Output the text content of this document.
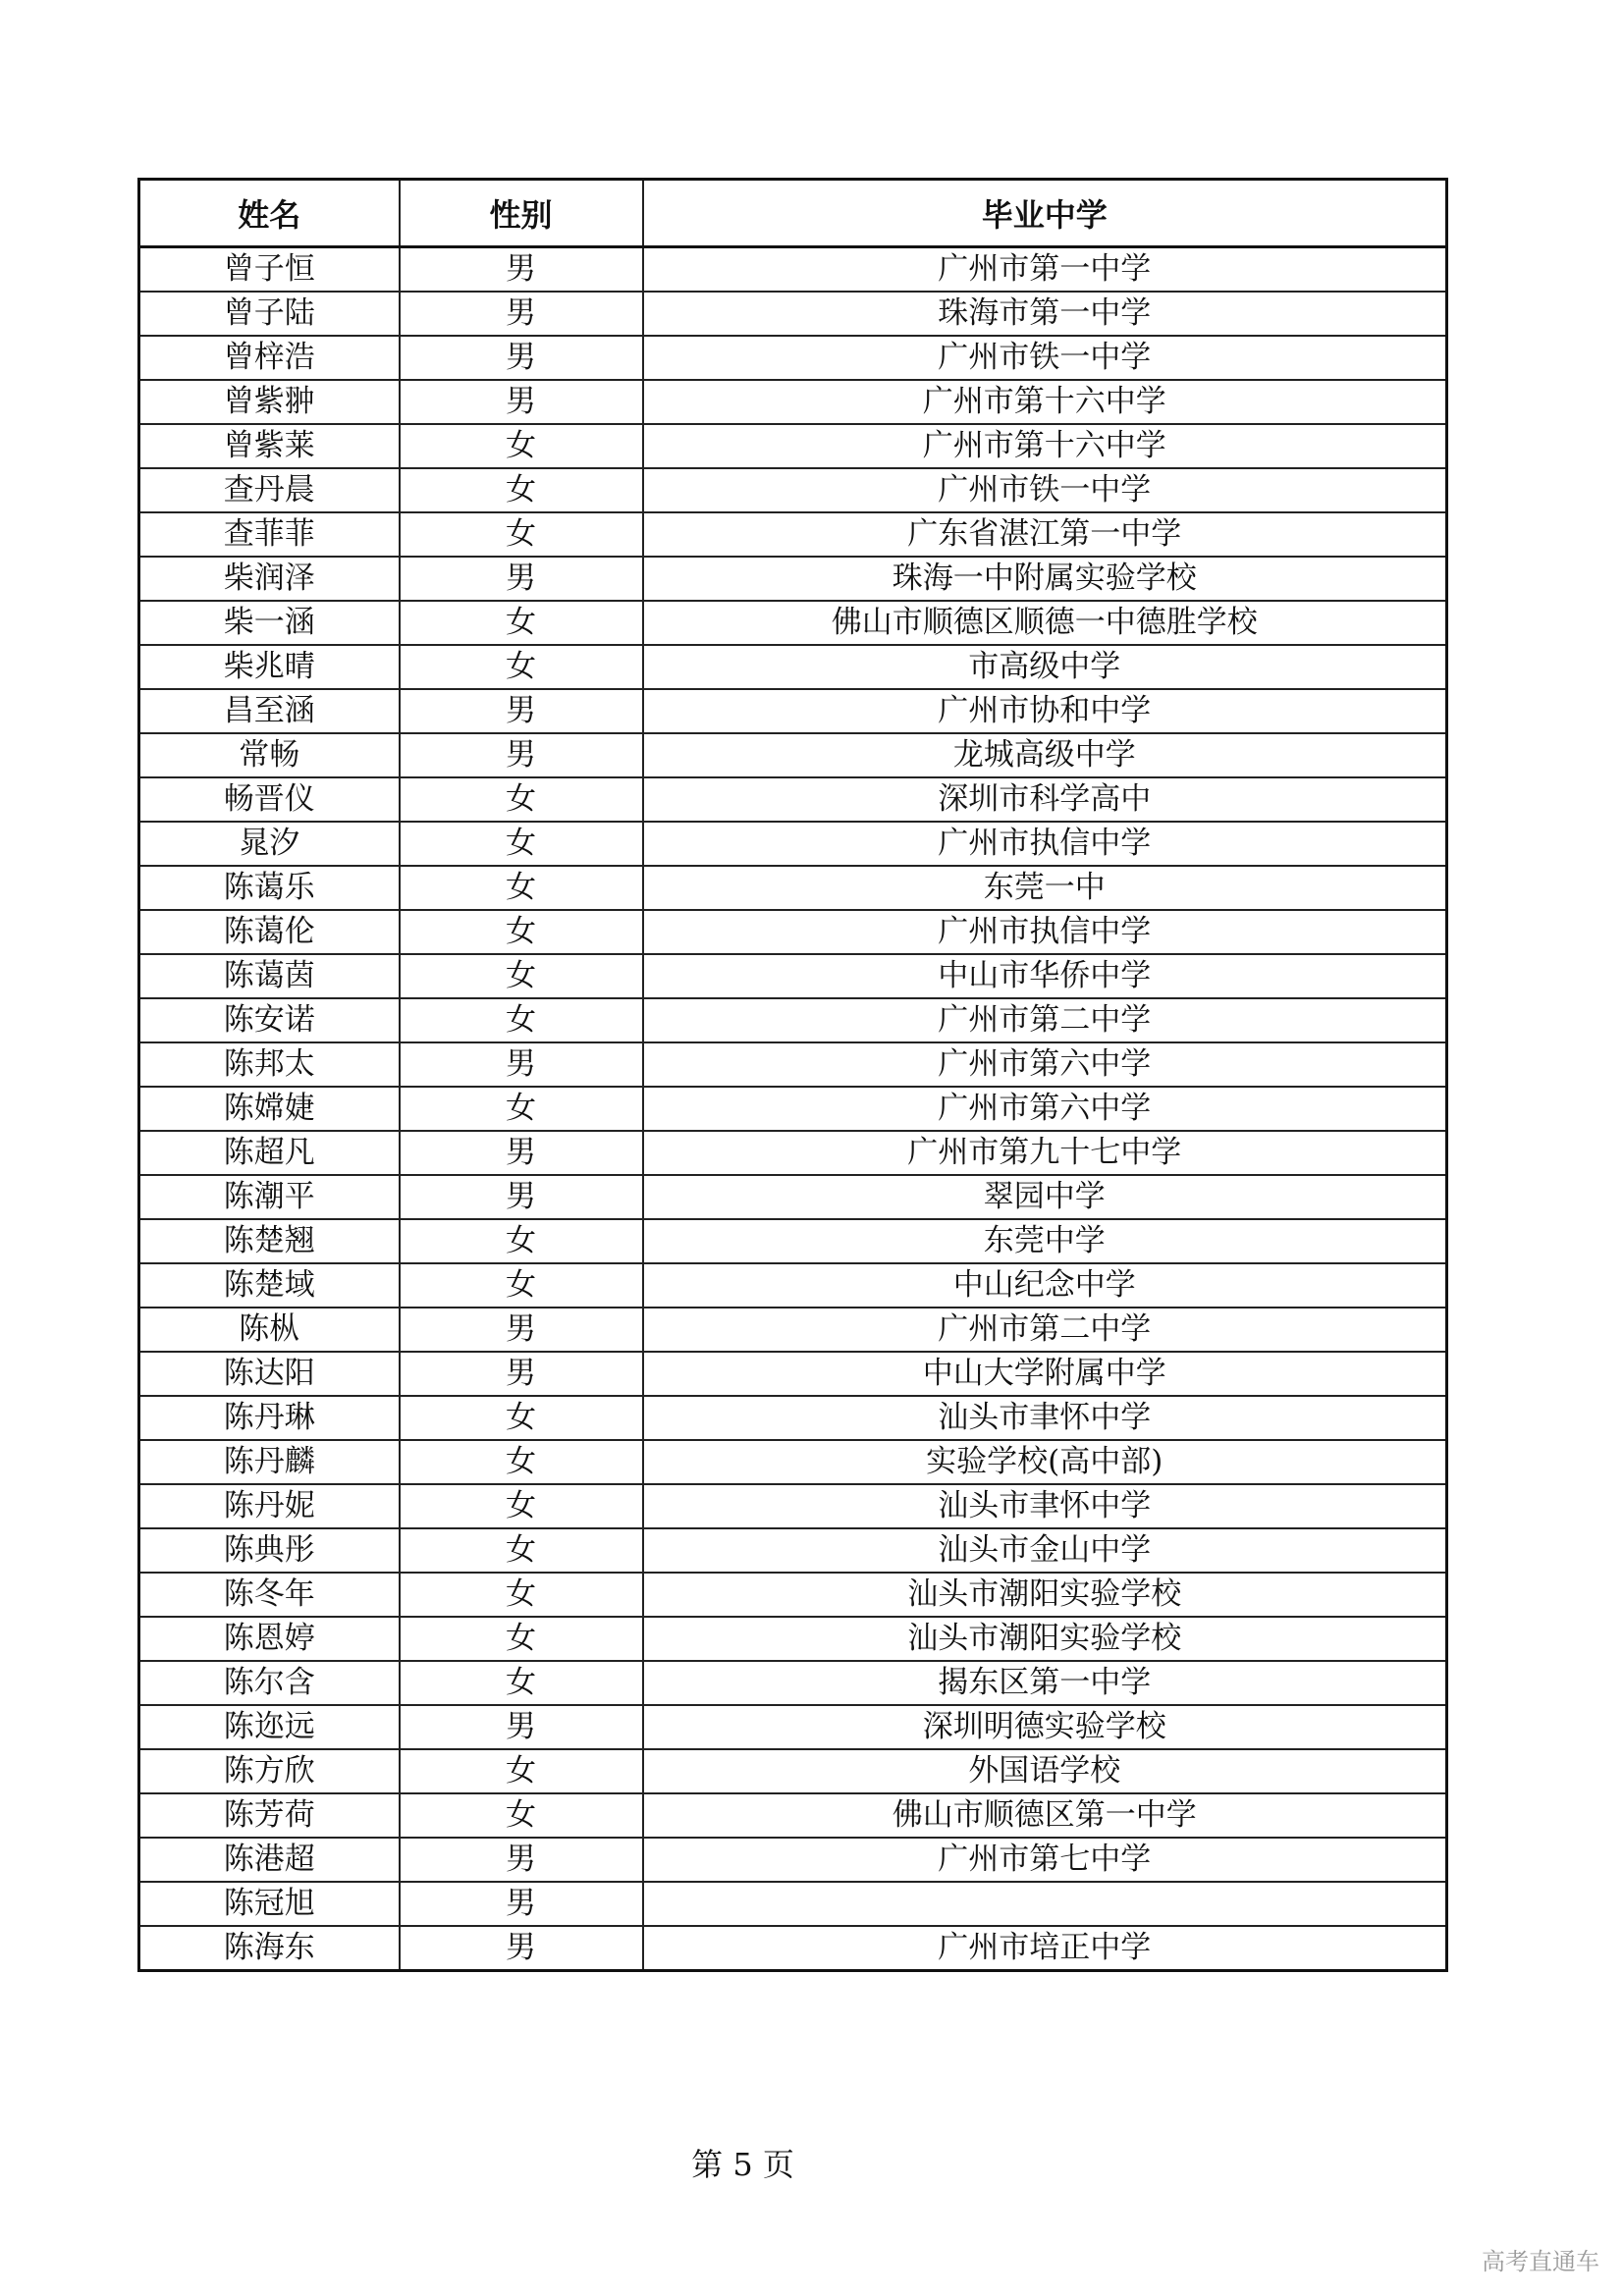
姓名	性别	毕业中学
曾子恒	男	广州市第一中学
曾子陆	男	珠海市第一中学
曾梓浩	男	广州市铁一中学
曾紫翀	男	广州市第十六中学
曾紫莱	女	广州市第十六中学
查丹晨	女	广州市铁一中学
查菲菲	女	广东省湛江第一中学
柴润泽	男	珠海一中附属实验学校
柴一涵	女	佛山市顺德区顺德一中德胜学校
柴兆晴	女	市高级中学
昌至涵	男	广州市协和中学
常畅	男	龙城高级中学
畅晋仪	女	深圳市科学高中
晁汐	女	广州市执信中学
陈蔼乐	女	东莞一中
陈蔼伦	女	广州市执信中学
陈蔼茵	女	中山市华侨中学
陈安诺	女	广州市第二中学
陈邦太	男	广州市第六中学
陈嫦婕	女	广州市第六中学
陈超凡	男	广州市第九十七中学
陈潮平	男	翠园中学
陈楚翘	女	东莞中学
陈楚域	女	中山纪念中学
陈枞	男	广州市第二中学
陈达阳	男	中山大学附属中学
陈丹琳	女	汕头市聿怀中学
陈丹麟	女	实验学校(高中部)
陈丹妮	女	汕头市聿怀中学
陈典彤	女	汕头市金山中学
陈冬年	女	汕头市潮阳实验学校
陈恩婷	女	汕头市潮阳实验学校
陈尔含	女	揭东区第一中学
陈迩远	男	深圳明德实验学校
陈方欣	女	外国语学校
陈芳荷	女	佛山市顺德区第一中学
陈港超	男	广州市第七中学
陈冠旭	男	
陈海东	男	广州市培正中学
第 5 页
高考直通车
